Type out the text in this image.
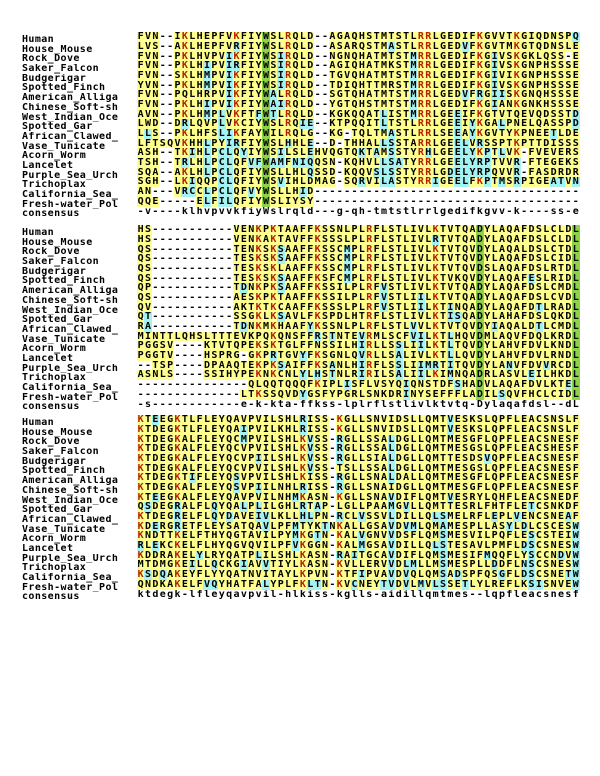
Human	FVN--IKLHEPFVKFIYWSLRQLD--AGAQHSTMTSTLRRLGEDIFKGVVTKGIQDNSPQ
House_Mouse	LVS--AKLHEPFVRFIYWSLRQLD--ASARQSTMASTLRRLGEDVFKGVTMKGTQDNSLE
Rock_Dove	FVN--PKLHVPVIKFIYWSIRQLD--NGNQHATMTSTMRRLGEDIFKGIVSKGKLQSS-E
Saker_Falcon	FVN--PKLHIPVIRFIYWSIRQLD--AGIQHATMKSTMRRLGEDIFKGIVSKGNPHSSSE
Budgerigar	FVN--SKLHMPVIKFIYWSIRQLD--TGVQHATMTSTMRRLGEDIFKGIVIKGNPHSSSE
Spotted_Finch	YVN--PKLHMPVIKFIYWSIRQLD--TDIQHTTMRSTMRRLGEDIFKGIVSKGNPHSSSE
American_Alliga	FVN--PQLHRPVIKFIYWALRQLD--SGTQHATMTSTMRRLGEDVFRGIISKGNQHSSSE
Chinese_Soft-sh	FVN--PKLHIPVIKFIYWAIRQLD--YGTQHSTMTSTMRRLGEDIFKGIANKGNKHSSSE
West_Indian_Oce	AVN--PKLHMPLVKFTFWTLRQLD--KGKQQATLISTMRRLGEEIFKGTVTQEVQDSSTD
Spotted_Gar	LWD--DRLQVPLVKCIYWSLRQIE--KTPQQITLTSTLRRLGEEIYKGALPNELQASSPD
African_Clawed_	LLS--PKLHFSLIKFAYWILRQLG--KG-TQLTMASTLRRLSEEAYKGVTYKPNEETLDE
Vase_Tunicate	LFTSQVKHHLPYIRFIYWSLHHLE--D-THHALLSSTARRLGEELVRSSPTKPTTDISSS
Acorn_Worm	ASH--TKIHLPCLQYIYWSILSLEHVQGTQKTAMSSTYRHLGEELYKPTLVK-FVEVERS
Lancelet	TSH--TRLHLPCLQFVFWAMFNIQQSN-KQHVLLSATYRRLGEELYRPTVVR-FTEGEKS
Purple_Sea_Urch	SQA--AKLHLPCLQFIYWSLLHLQSSD-KQQVSLSSTYRRLGDELYRPQVVR-FASDRDR
Trichoplax	SGH--LKIQQPCLQFIYWSVIHLDMAG-SQRVILASTYRRIGEELFKPTMSRPIGEATVN
California_Sea_	AN---VRCCLPCLQFVYWSLLHID------------------------------------
Fresh-water_Pol	QQE-----ELFILQFIYWSLIYSY------------------------------------
consensus	-v----klhvpvvkfiyWslrqld---g-qh-tmtstlrrlgedifkgvv-k----ss-e
Human	HS-----------VENKPKTAAFFKSSNLPLRFLSTLIVLKTVTQADYLAQAFDSLCLDL
House_Mouse	HS-----------VENKAKTAVFFKSSSLPLRFLSTLIVLRTVTQADYLAQAFDSLCLDL
Rock_Dove	QS-----------TENKSKSAAFFKSSCMPLRFLSTLIVLKTVTQVDYLAQALDSLCTDL
Saker_Falcon	QS-----------TESKSKSAAFFKSSCMPLRFLSTLIVLKTVTQVDYLAQAFDSLCIDL
Budgerigar	QS-----------TESKSKLAAFFKSSCMPLRFLSTLIVLKTVTQVDSLAQAFDSLRTDL
Spotted_Finch	QS-----------TESKSKSAAFFKSFCMPLRFLSTLIVLKTVKQVDYLAQAFESLRIDL
American_Alliga	QP-----------TDNKPKSAAFFKSSILPLRFVSTLIVLKTVTQADYLAQAFDSLCMDL
Chinese_Soft-sh	QS-----------AESKPKTAAFFKSSILPLRFVSTLIILKTVTQADYLAQAFDSLCVDL
West_Indian_Oce	QV-----------AKTKTKCAAFFKSSSLPLRFVSTLIILKTINQADYLAQAFDTLRADL
Spotted_Gar	QT-----------SSGKLKSAVLFKSPDLHTRFLSTLIVLKTISQADYLAHAFDSLQKDL
African_Clawed_	RA-----------TDNKMKHAAFYKSSNLPLRFLSTLVVLKTVTQVDYIAQALDTLCMDL
Vase_Tunicate	MINTTLQHSLTTTEVKPQKQNSFFRSTNTEVRMLSCFVILKTLHQVDMLAQVFDQLKRDL
Acorn_Worm	PGGSV----KTVTQPEKSKTGLFFNSSILHIRLLSSLIILKTLTQVDYLAHVFDVLKNDL
Lancelet	PGGTV----HSPRG-GKPRTGVYFKSGNLQVRLLSALIVLKTLLQVDYLAHVFDVLRNDL
Purple_Sea_Urch	--TSP----DPAAQTEKPKSAIFFKSANLHIRFLSSLIIMRTITQVDYLANVFDVVRCDL
Trichoplax	ASNLS----SSIHYPEKNKCNLYLHSTNLRIRILSALIILKIMNQADRLASVLEILHKDL
California_Sea_	---------------QLQQTQQQFKIPLISFLVSYQIQNSTDFSHADVLAQAFDVLKTEL
Fresh-water_Pol	--------------LTKSSQVDYGSFYPGRLSNKDRINYSEFFFLADILSQVFHCLCIDL
consensus	-s------------e-k-kta-ffkss-lplrflstlivlktvtq-Dylaqafdsl--dL
Human	KTEEGKTLFLEYQAVPVILSHLRISS-KGLLSNVIDSLLQMTVESKSLQPFLEACSNSLF
House_Mouse	KTDEGKTLFLEYQAIPVILKHLRISS-KGLLSNVIDSLLQMTVESKSLQPFLEACSNSLF
Rock_Dove	KTDEGKALFLEYQCMPVILSHLKVSS-RGLLSSALDGLLQMTMESGFLQPFLEACSNESF
Saker_Falcon	KTDEGKALFLEYQCVPVILSHLKVSS-RGLLSSALDGLLQMTMESGSLQPFLEACSHESF
Budgerigar	KTDEGKALFLEYQCVPIILSHLKVSS-RGLLSIALDGLLQMTTESDSVQPFLEACSNESF
Spotted_Finch	KTDEGKALFLEYQCVPVILSHLKVSS-TSLLSSALDGLLQMTMESGSLQPFLEACSNESF
American_Alliga	KTDEGKTIFLEYQSVPVILSHLKISS-RGLLSNALDALLQMTMESGFLQPFLEACSNESF
Chinese_Soft-sh	KTDEGKALFLEYQSVPIILNHLRISS-RGLLSNAIDGLLQMTMESGFLQPFLEACSNESF
West_Indian_Oce	KTEEGKALFLEYQAVPVILNHMKASN-KGLLSNAVDIFLQMTVESRYLQHFLEACSNEDF
Spotted_Gar	QSDEGRALFLQYQALPLILGHLRTAP-LGLLPAAMGVLLQMTTESRLFHTFLETCSNKDF
African_Clawed_	KTDEGRELFLQYDAVEIVLKLLHLPN-RCLVSSVLDILLQLSMELRFLEPLVENCSNEAF
Vase_Tunicate	KDERGRETFLEYSATQAVLPFMTYKTNKALLGSAVDVMLQMAMESPLLASYLDLCSCESW
Acorn_Worm	KNDTTKELFTHYQGTAVILPYMKGTN-KALVGNVVDSFLQMSMESVILPQFLESCSTEIW
Lancelet	RLEKCKELFLHYQGVQVILPFVKGGN-KALMGSAVDILLQLSTESAVLPMFLDSCSNESW
Purple_Sea_Urch	KDDRAKELYLRYQATPLILSHLKASN-RAITGCAVDIFLQMSMESIFMQQFLYSCCNDVW
Trichoplax	MTDMGKEILLQCKGIAVVTIYLKASN-KVLLERVVDLMLLMSMESPLLDDFLNSCSNESW
California_Sea_	KSDQAKEYFLYYQATNVITAYLKPVN-KTFIPVAVDVQLQMSADSPFQSGFLDSCSNETW
Fresh-water_Pol	QNDKAKELFVQYHATFALYPLFKLTN-KVCNEYTVDVLMVLSSETLYLREFLKSISNVEW
consensus	ktdegk-lfleyqavpvil-hlkiss-kglls-aidillqmtmes--lqpfleacsnesf
